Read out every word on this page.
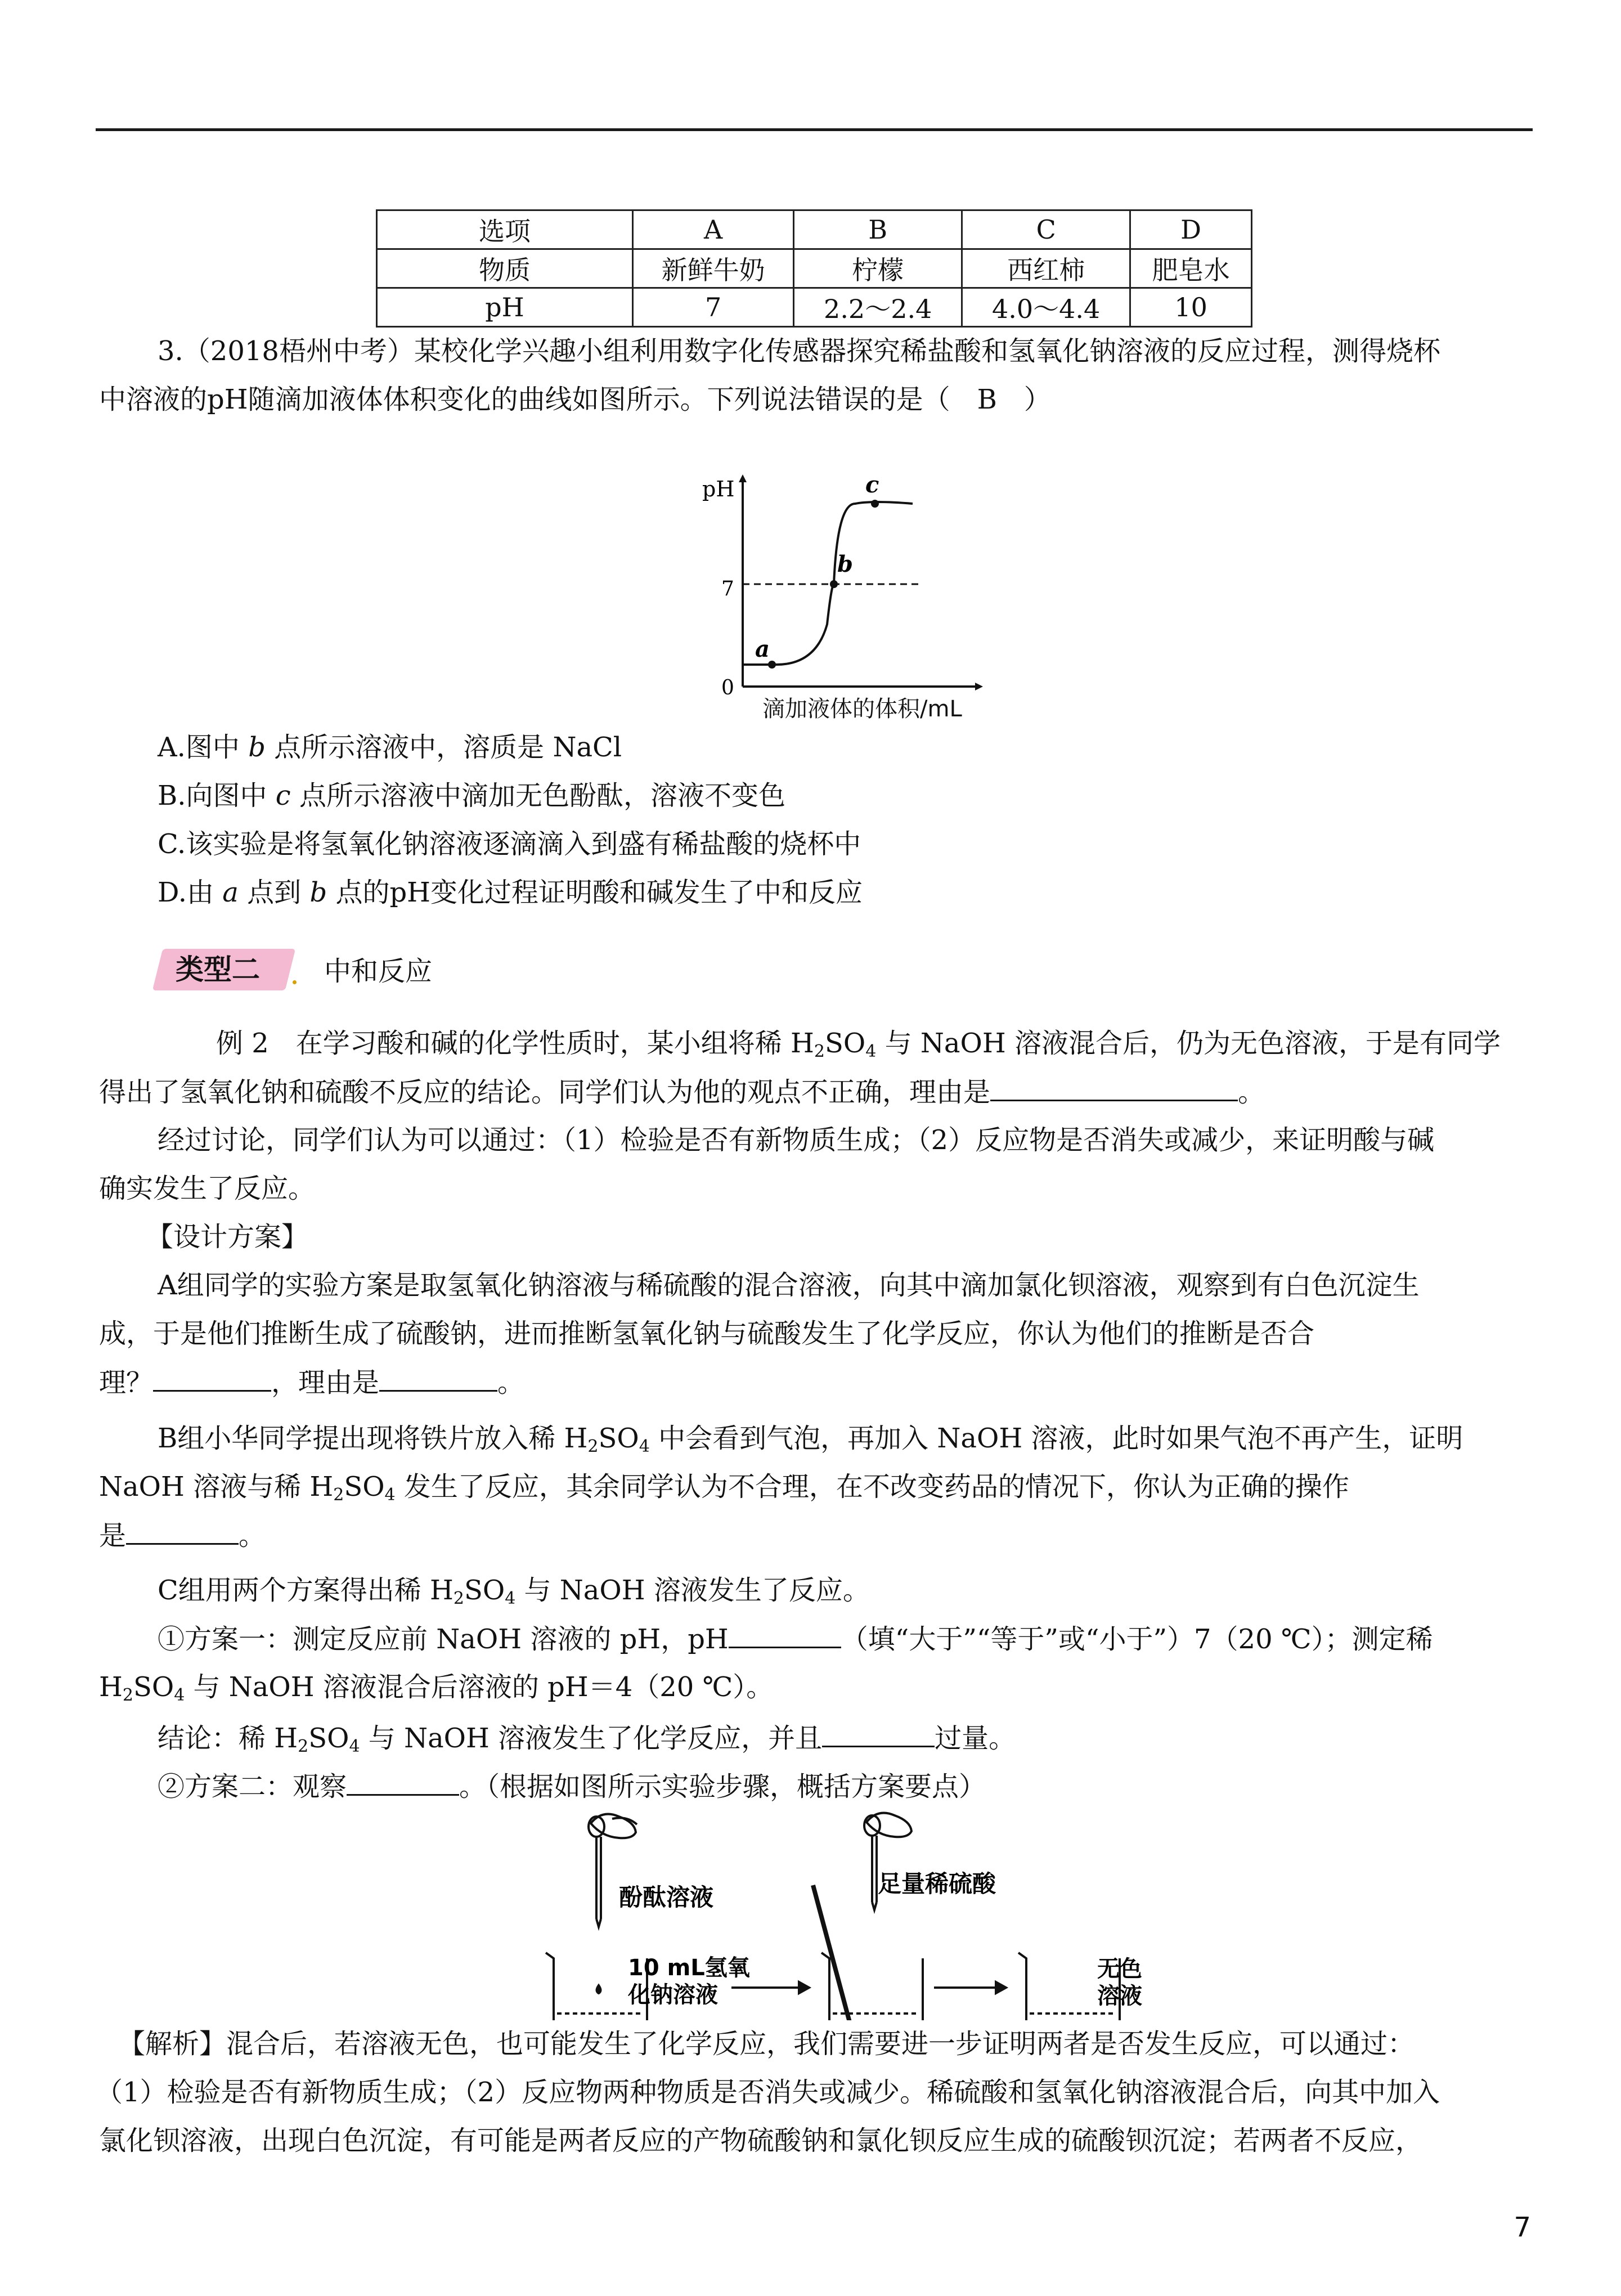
选项	A	B	C	D
物质	新鲜牛奶	柠檬	西红柿	肥皂水
pH	7	2.2～2.4	4.0～4.4	10
3.（2018梧州中考）某校化学兴趣小组利用数字化传感器探究稀盐酸和氢氧化钠溶液的反应过程，测得烧杯
中溶液的pH随滴加液体体积变化的曲线如图所示。下列说法错误的是（　B　）
pH
0
7
a
b
c
滴加液体的体积/mL
A.图中 b 点所示溶液中，溶质是 NaCl
B.向图中 c 点所示溶液中滴加无色酚酞，溶液不变色
C.该实验是将氢氧化钠溶液逐滴滴入到盛有稀盐酸的烧杯中
D.由 a 点到 b 点的pH变化过程证明酸和碱发生了中和反应
类型二 中和反应
例 2　在学习酸和碱的化学性质时，某小组将稀 $H_2SO_4$ 与 NaOH 溶液混合后，仍为无色溶液，于是有同学
得出了氢氧化钠和硫酸不反应的结论。同学们认为他的观点不正确，理由是	。
经过讨论，同学们认为可以通过：（1）检验是否有新物质生成；（2）反应物是否消失或减少，来证明酸与碱
确实发生了反应。
【设计方案】
A组同学的实验方案是取氢氧化钠溶液与稀硫酸的混合溶液，向其中滴加氯化钡溶液，观察到有白色沉淀生
成，于是他们推断生成了硫酸钠，进而推断氢氧化钠与硫酸发生了化学反应，你认为他们的推断是否合
理？	，理由是	。
B组小华同学提出现将铁片放入稀 $H_2SO_4$ 中会看到气泡，再加入 NaOH 溶液，此时如果气泡不再产生，证明
NaOH 溶液与稀 $H_2SO_4$ 发生了反应，其余同学认为不合理，在不改变药品的情况下，你认为正确的操作
是	。
C组用两个方案得出稀 $H_2SO_4$ 与 NaOH 溶液发生了反应。
①方案一：测定反应前 NaOH 溶液的 pH，pH	（填“大于”“等于”或“小于”）7（20 ℃）；测定稀
$H_2SO_4$ 与 NaOH 溶液混合后溶液的 pH＝4（20 ℃）。
结论：稀 $H_2SO_4$ 与 NaOH 溶液发生了化学反应，并且	过量。
②方案二：观察	。（根据如图所示实验步骤，概括方案要点）
酚酞溶液	足量稀硫酸
10 mL氢氧
化钠溶液
无色
溶液
【解析】混合后，若溶液无色，也可能发生了化学反应，我们需要进一步证明两者是否发生反应，可以通过：
（1）检验是否有新物质生成；（2）反应物两种物质是否消失或减少。稀硫酸和氢氧化钠溶液混合后，向其中加入
氯化钡溶液，出现白色沉淀，有可能是两者反应的产物硫酸钠和氯化钡反应生成的硫酸钡沉淀；若两者不反应，
7
